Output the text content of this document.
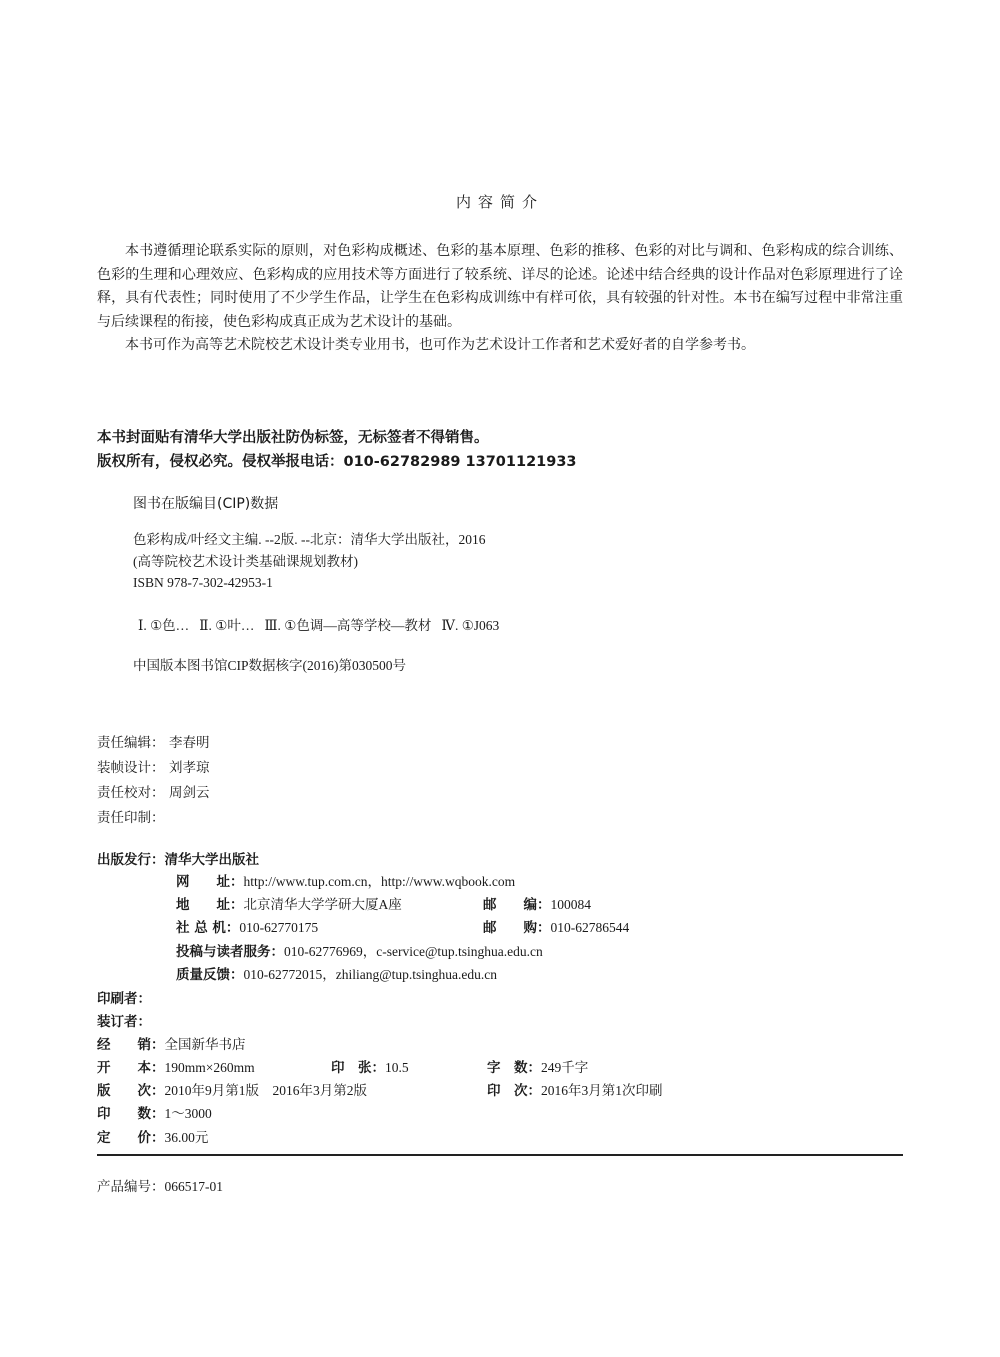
内容简介

本书遵循理论联系实际的原则，对色彩构成概述、色彩的基本原理、色彩的推移、色彩的对比与调和、色彩构成的综合训练、色彩的生理和心理效应、色彩构成的应用技术等方面进行了较系统、详尽的论述。论述中结合经典的设计作品对色彩原理进行了诠释，具有代表性；同时使用了不少学生作品，让学生在色彩构成训练中有样可依，具有较强的针对性。本书在编写过程中非常注重与后续课程的衔接，使色彩构成真正成为艺术设计的基础。

本书可作为高等艺术院校艺术设计类专业用书，也可作为艺术设计工作者和艺术爱好者的自学参考书。

本书封面贴有清华大学出版社防伪标签，无标签者不得销售。
版权所有，侵权必究。侵权举报电话：010-62782989 13701121933
图书在版编目(CIP)数据
色彩构成/叶经文主编. --2版. --北京：清华大学出版社，2016
(高等院校艺术设计类基础课规划教材)
ISBN 978-7-302-42953-1
Ⅰ. ①色…   Ⅱ. ①叶…   Ⅲ. ①色调—高等学校—教材   Ⅳ. ①J063
中国版本图书馆CIP数据核字(2016)第030500号
责任编辑： 李春明
装帧设计： 刘孝琼
责任校对： 周剑云
责任印制：
出版发行：清华大学出版社
网　　址：http://www.tup.com.cn，http://www.wqbook.com
地　　址：北京清华大学学研大厦A座	邮　　编：100084
社 总 机：010-62770175	邮　　购：010-62786544
投稿与读者服务：010-62776969，c-service@tup.tsinghua.edu.cn
质量反馈：010-62772015，zhiliang@tup.tsinghua.edu.cn
印刷者：
装订者：
经　　销：全国新华书店
开　　本：190mm×260mm	印　张：10.5	字　数：249千字
版　　次：2010年9月第1版    2016年3月第2版	印　次：2016年3月第1次印刷
印　　数：1～3000
定　　价：36.00元
产品编号：066517-01
